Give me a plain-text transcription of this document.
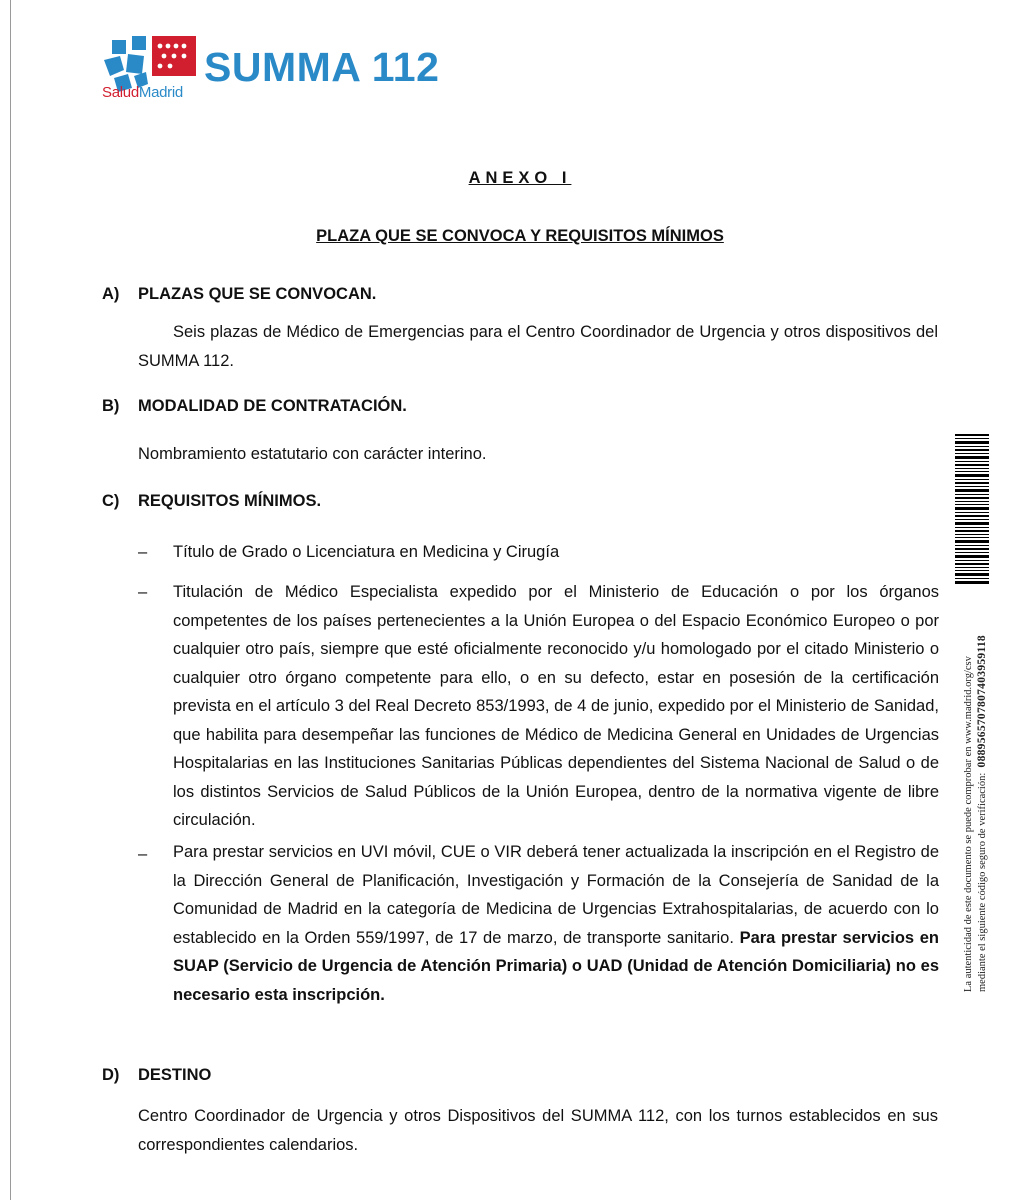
SUMMA 112
SaludMadrid
ANEXO I
PLAZA QUE SE CONVOCA Y REQUISITOS MÍNIMOS
A) PLAZAS QUE SE CONVOCAN.
Seis plazas de Médico de Emergencias para el Centro Coordinador de Urgencia y otros dispositivos del SUMMA 112.
B) MODALIDAD DE CONTRATACIÓN.
Nombramiento estatutario con carácter interino.
C) REQUISITOS MÍNIMOS.
– Título de Grado o Licenciatura en Medicina y Cirugía
– Titulación de Médico Especialista expedido por el Ministerio de Educación o por los órganos competentes de los países pertenecientes a la Unión Europea o del Espacio Económico Europeo o por cualquier otro país, siempre que esté oficialmente reconocido y/u homologado por el citado Ministerio o cualquier otro órgano competente para ello, o en su defecto, estar en posesión de la certificación prevista en el artículo 3 del Real Decreto 853/1993, de 4 de junio, expedido por el Ministerio de Sanidad, que habilita para desempeñar las funciones de Médico de Medicina General en Unidades de Urgencias Hospitalarias en las Instituciones Sanitarias Públicas dependientes del Sistema Nacional de Salud o de los distintos Servicios de Salud Públicos de la Unión Europea, dentro de la normativa vigente de libre circulación.
– Para prestar servicios en UVI móvil, CUE o VIR deberá tener actualizada la inscripción en el Registro de la Dirección General de Planificación, Investigación y Formación de la Consejería de Sanidad de la Comunidad de Madrid en la categoría de Medicina de Urgencias Extrahospitalarias, de acuerdo con lo establecido en la Orden 559/1997, de 17 de marzo, de transporte sanitario. Para prestar servicios en SUAP (Servicio de Urgencia de Atención Primaria) o UAD (Unidad de Atención Domiciliaria) no es necesario esta inscripción.
D) DESTINO
Centro Coordinador de Urgencia y otros Dispositivos del SUMMA 112, con los turnos establecidos en sus correspondientes calendarios.
La autenticidad de este documento se puede comprobar en www.madrid.org/csv mediante el siguiente código seguro de verificación:  0889565707807403959118
